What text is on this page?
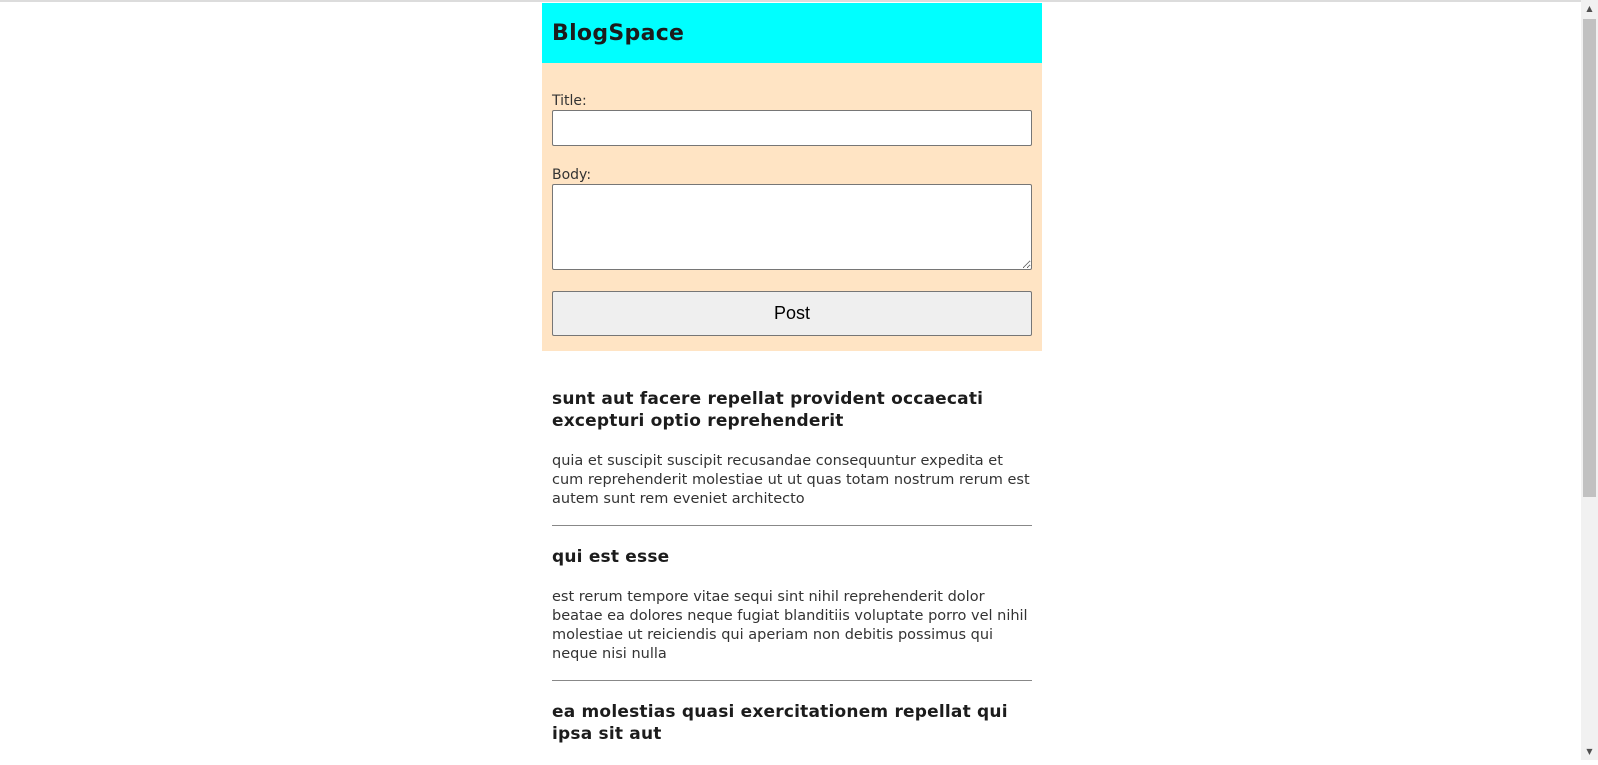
BlogSpace
Title:
Body:
Post
sunt aut facere repellat provident occaecati excepturi optio reprehenderit

quia et suscipit suscipit recusandae consequuntur expedita et cum reprehenderit molestiae ut ut quas totam nostrum rerum est autem sunt rem eveniet architecto

qui est esse

est rerum tempore vitae sequi sint nihil reprehenderit dolor beatae ea dolores neque fugiat blanditiis voluptate porro vel nihil molestiae ut reiciendis qui aperiam non debitis possimus qui neque nisi nulla

ea molestias quasi exercitationem repellat qui ipsa sit aut

▲
▼
